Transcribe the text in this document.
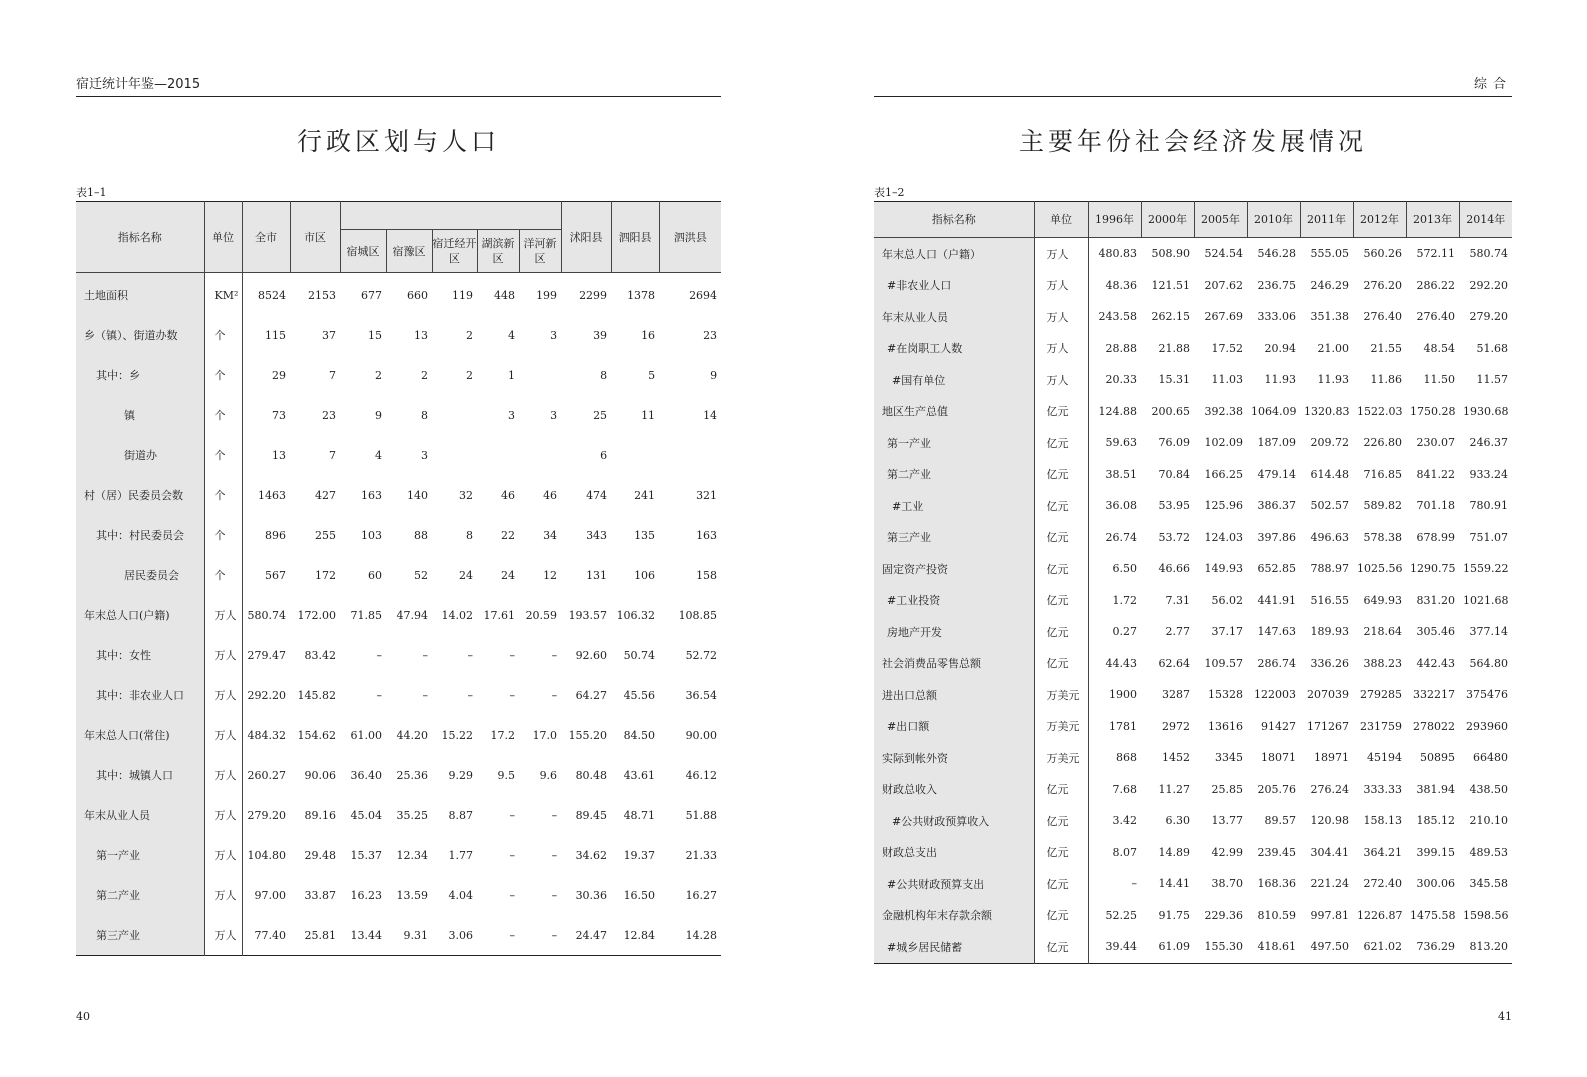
宿迁统计年鉴—2015
行政区划与人口
表1–1
指标名称	单位	全市	市区						沭阳县	泗阳县	泗洪县
				宿城区	宿豫区	宿迁经开区	湖滨新区	洋河新区			
土地面积	KM²	8524	2153	677	660	119	448	199	2299	1378	2694
乡（镇）、街道办数	个	115	37	15	13	2	4	3	39	16	23
其中：乡	个	29	7	2	2	2	1		8	5	9
镇	个	73	23	9	8		3	3	25	11	14
街道办	个	13	7	4	3				6		
村（居）民委员会数	个	1463	427	163	140	32	46	46	474	241	321
其中：村民委员会	个	896	255	103	88	8	22	34	343	135	163
居民委员会	个	567	172	60	52	24	24	12	131	106	158
年末总人口(户籍)	万人	580.74	172.00	71.85	47.94	14.02	17.61	20.59	193.57	106.32	108.85
其中：女性	万人	279.47	83.42	–	–	–	–	–	92.60	50.74	52.72
其中：非农业人口	万人	292.20	145.82	–	–	–	–	–	64.27	45.56	36.54
年末总人口(常住)	万人	484.32	154.62	61.00	44.20	15.22	17.2	17.0	155.20	84.50	90.00
其中：城镇人口	万人	260.27	90.06	36.40	25.36	9.29	9.5	9.6	80.48	43.61	46.12
年末从业人员	万人	279.20	89.16	45.04	35.25	8.87	–	–	89.45	48.71	51.88
第一产业	万人	104.80	29.48	15.37	12.34	1.77	–	–	34.62	19.37	21.33
第二产业	万人	97.00	33.87	16.23	13.59	4.04	–	–	30.36	16.50	16.27
第三产业	万人	77.40	25.81	13.44	9.31	3.06	–	–	24.47	12.84	14.28
40
综合
主要年份社会经济发展情况
表1–2
指标名称	单位	1996年	2000年	2005年	2010年	2011年	2012年	2013年	2014年
年末总人口（户籍）	万人	480.83	508.90	524.54	546.28	555.05	560.26	572.11	580.74
#非农业人口	万人	48.36	121.51	207.62	236.75	246.29	276.20	286.22	292.20
年末从业人员	万人	243.58	262.15	267.69	333.06	351.38	276.40	276.40	279.20
#在岗职工人数	万人	28.88	21.88	17.52	20.94	21.00	21.55	48.54	51.68
#国有单位	万人	20.33	15.31	11.03	11.93	11.93	11.86	11.50	11.57
地区生产总值	亿元	124.88	200.65	392.38	1064.09	1320.83	1522.03	1750.28	1930.68
第一产业	亿元	59.63	76.09	102.09	187.09	209.72	226.80	230.07	246.37
第二产业	亿元	38.51	70.84	166.25	479.14	614.48	716.85	841.22	933.24
#工业	亿元	36.08	53.95	125.96	386.37	502.57	589.82	701.18	780.91
第三产业	亿元	26.74	53.72	124.03	397.86	496.63	578.38	678.99	751.07
固定资产投资	亿元	6.50	46.66	149.93	652.85	788.97	1025.56	1290.75	1559.22
#工业投资	亿元	1.72	7.31	56.02	441.91	516.55	649.93	831.20	1021.68
房地产开发	亿元	0.27	2.77	37.17	147.63	189.93	218.64	305.46	377.14
社会消费品零售总额	亿元	44.43	62.64	109.57	286.74	336.26	388.23	442.43	564.80
进出口总额	万美元	1900	3287	15328	122003	207039	279285	332217	375476
#出口额	万美元	1781	2972	13616	91427	171267	231759	278022	293960
实际到帐外资	万美元	868	1452	3345	18071	18971	45194	50895	66480
财政总收入	亿元	7.68	11.27	25.85	205.76	276.24	333.33	381.94	438.50
#公共财政预算收入	亿元	3.42	6.30	13.77	89.57	120.98	158.13	185.12	210.10
财政总支出	亿元	8.07	14.89	42.99	239.45	304.41	364.21	399.15	489.53
#公共财政预算支出	亿元	–	14.41	38.70	168.36	221.24	272.40	300.06	345.58
金融机构年末存款余额	亿元	52.25	91.75	229.36	810.59	997.81	1226.87	1475.58	1598.56
#城乡居民储蓄	亿元	39.44	61.09	155.30	418.61	497.50	621.02	736.29	813.20
41
